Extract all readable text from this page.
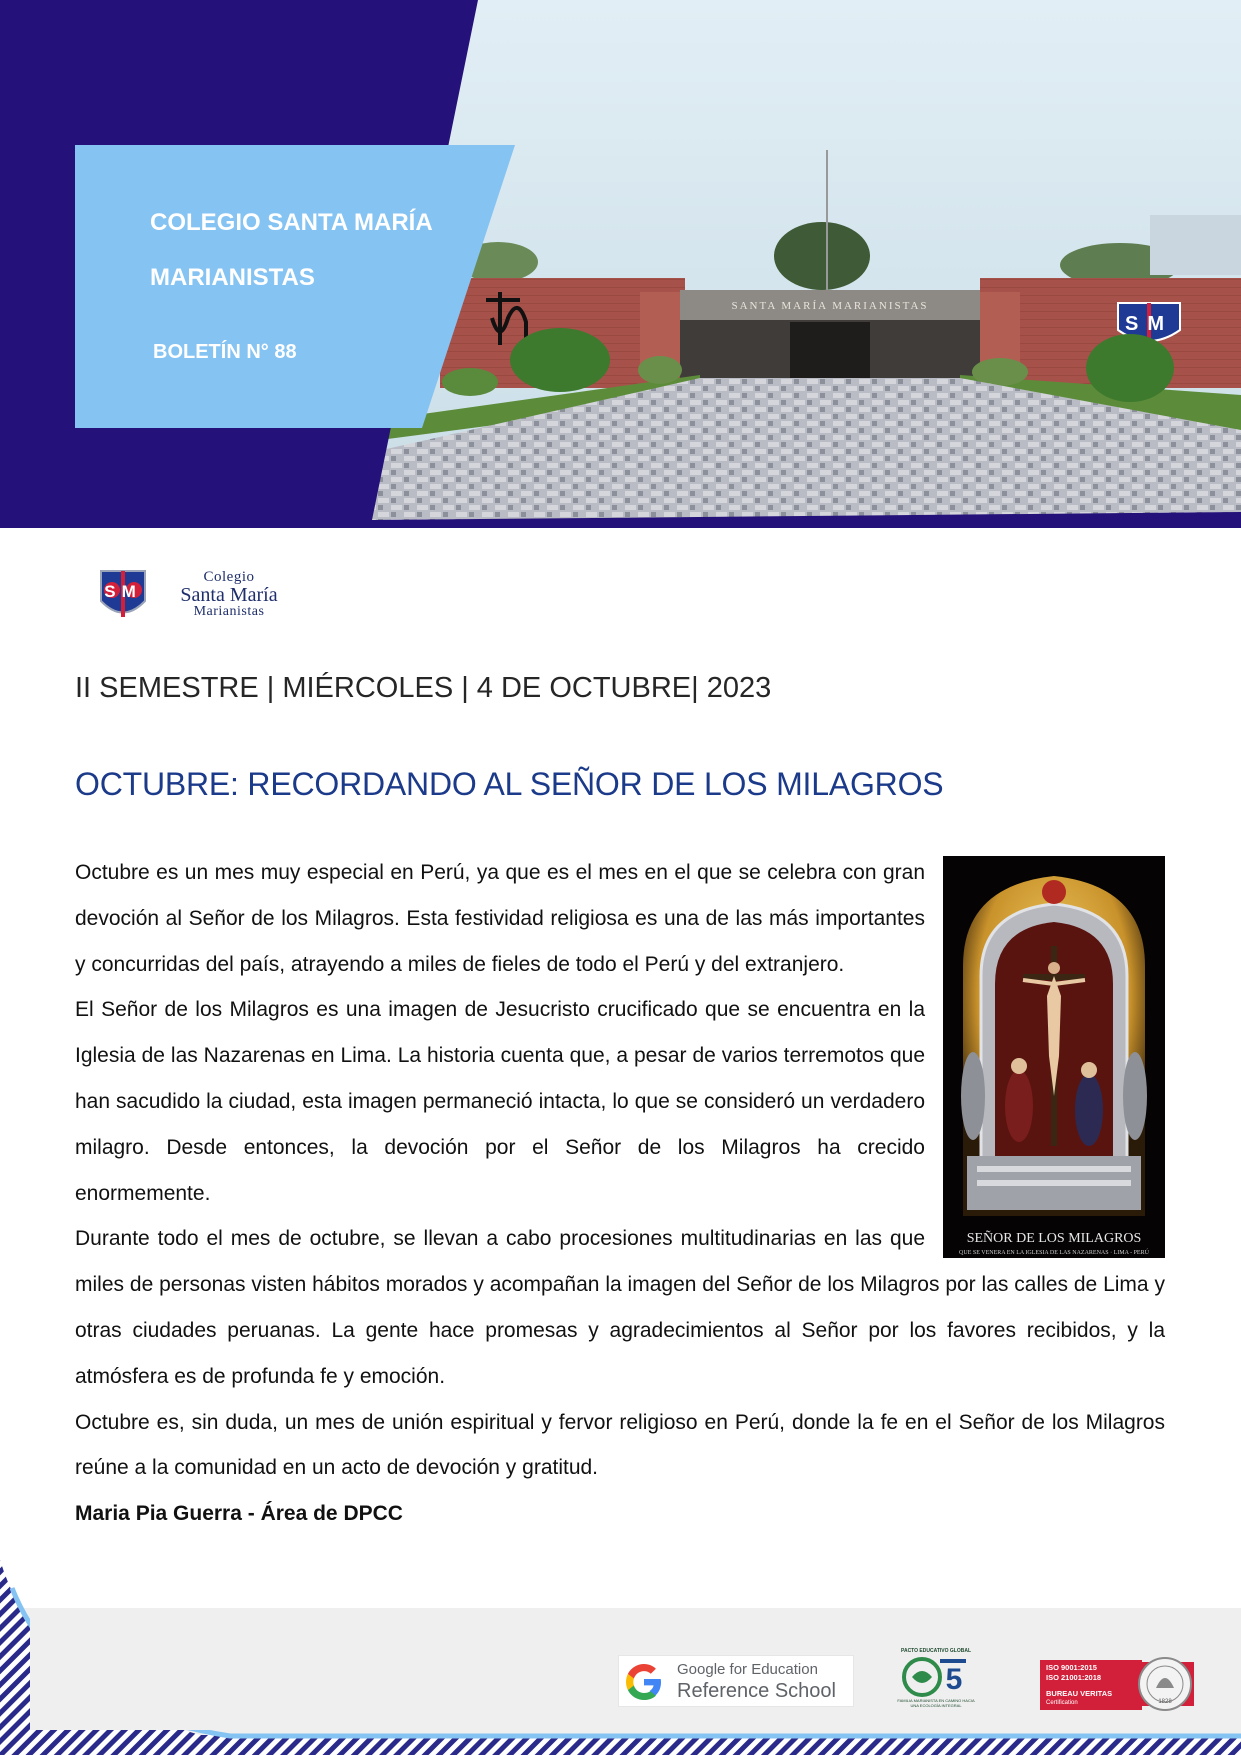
SANTA MARÍA MARIANISTAS
SM
COLEGIO SANTA MARÍA
MARIANISTAS
BOLETÍN N° 88
SM
Colegio
Santa María
Marianistas
II SEMESTRE | MIÉRCOLES | 4 DE OCTUBRE| 2023
OCTUBRE: RECORDANDO AL SEÑOR DE LOS MILAGROS
SEÑOR DE LOS MILAGROS
QUE SE VENERA EN LA IGLESIA DE LAS NAZARENAS · LIMA - PERÚ

Octubre es un mes muy especial en Perú, ya que es el mes en el que se celebra con gran devoción al Señor de los Milagros. Esta festividad religiosa es una de las más importantes y concurridas del país, atrayendo a miles de fieles de todo el Perú y del extranjero.

El Señor de los Milagros es una imagen de Jesucristo crucificado que se encuentra en la Iglesia de las Nazarenas en Lima. La historia cuenta que, a pesar de varios terremotos que han sacudido la ciudad, esta imagen permaneció intacta, lo que se consideró un verdadero milagro. Desde entonces, la devoción por el Señor de los Milagros ha crecido enormemente.

Durante todo el mes de octubre, se llevan a cabo procesiones multitudinarias en las que miles de personas visten hábitos morados y acompañan la imagen del Señor de los Milagros por las calles de Lima y otras ciudades peruanas. La gente hace promesas y agradecimientos al Señor por los favores recibidos, y la atmósfera es de profunda fe y emoción.

Octubre es, sin duda, un mes de unión espiritual y fervor religioso en Perú, donde la fe en el Señor de los Milagros reúne a la comunidad en un acto de devoción y gratitud.

Maria Pia Guerra - Área de DPCC

Google for Education
Reference School
PACTO EDUCATIVO GLOBAL
5
FAMILIA MARIANISTA EN CAMINO HACIA UNA ECOLOGÍA INTEGRAL
ISO 9001:2015
ISO 21001:2018
BUREAU VERITAS
Certification	1828
